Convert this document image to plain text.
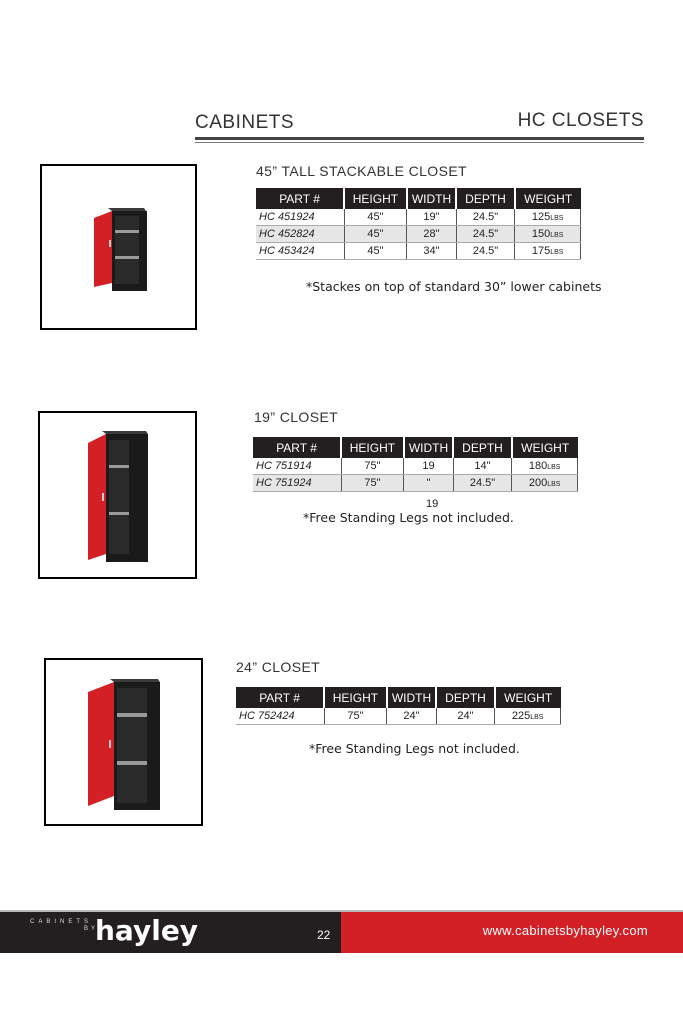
CABINETS	HC CLOSETS
45” TALL STACKABLE CLOSET
PART #	HEIGHT	WIDTH	DEPTH	WEIGHT
HC 451924	45"	19"	24.5"	125LBS
HC 452824	45"	28"	24.5"	150LBS
HC 453424	45"	34"	24.5"	175LBS
*Stackes on top of standard 30” lower cabinets
19” CLOSET
PART #	HEIGHT	WIDTH	DEPTH	WEIGHT
HC 751914	75"	19	14"	180LBS
HC 751924	75"	"	24.5"	200LBS
19
*Free Standing Legs not included.
24” CLOSET
PART #	HEIGHT	WIDTH	DEPTH	WEIGHT
HC 752424	75"	24"	24"	225LBS
*Free Standing Legs not included.
CABINETS
BY
hayley	22	www.cabinetsbyhayley.com
